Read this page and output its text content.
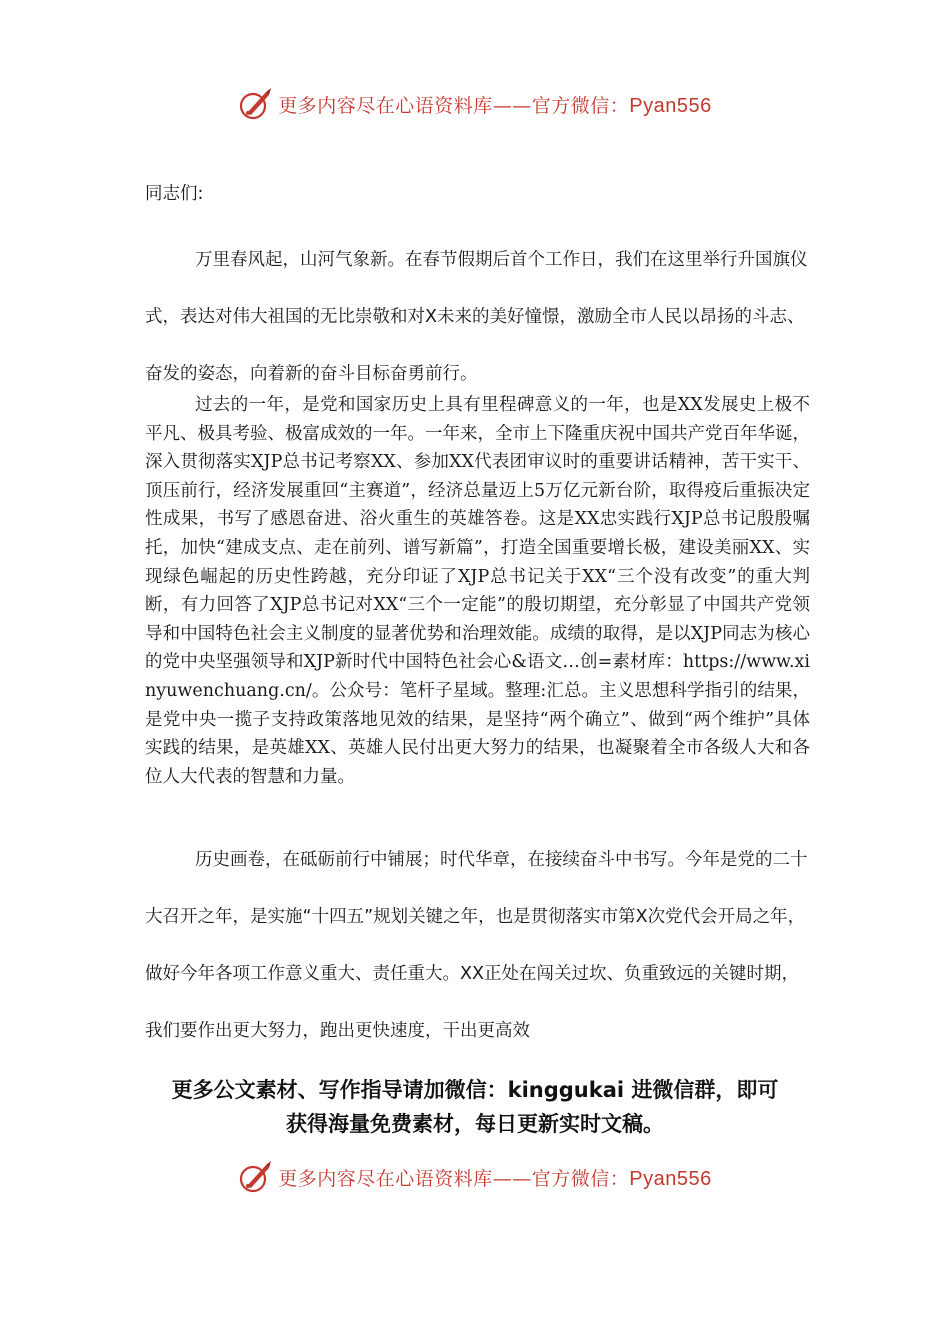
更多内容尽在心语资料库——官方微信：Pyan556

同志们:

万里春风起，山河气象新。在春节假期后首个工作日，我们在这里举行升国旗仪式，表达对伟大祖国的无比崇敬和对X未来的美好憧憬，激励全市人民以昂扬的斗志、奋发的姿态，向着新的奋斗目标奋勇前行。

过去的一年，是党和国家历史上具有里程碑意义的一年，也是XX发展史上极不平凡、极具考验、极富成效的一年。一年来，全市上下隆重庆祝中国共产党百年华诞，深入贯彻落实XJP总书记考察XX、参加XX代表团审议时的重要讲话精神，苦干实干、顶压前行，经济发展重回“主赛道”，经济总量迈上5万亿元新台阶，取得疫后重振决定性成果，书写了感恩奋进、浴火重生的英雄答卷。这是XX忠实践行XJP总书记殷殷嘱托，加快“建成支点、走在前列、谱写新篇”，打造全国重要增长极，建设美丽XX、实现绿色崛起的历史性跨越，充分印证了XJP总书记关于XX“三个没有改变”的重大判断，有力回答了XJP总书记对XX“三个一定能”的殷切期望，充分彰显了中国共产党领导和中国特色社会主义制度的显著优势和治理效能。成绩的取得，是以XJP同志为核心的党中央坚强领导和XJP新时代中国特色社会心&语文…创=素材库：https://www.xinyuwenchuang.cn/。公众号：笔杆子星域。整理:汇总。主义思想科学指引的结果，是党中央一揽子支持政策落地见效的结果，是坚持“两个确立”、做到“两个维护”具体实践的结果，是英雄XX、英雄人民付出更大努力的结果，也凝聚着全市各级人大和各位人大代表的智慧和力量。

历史画卷，在砥砺前行中铺展；时代华章，在接续奋斗中书写。今年是党的二十大召开之年，是实施“十四五”规划关键之年，也是贯彻落实市第X次党代会开局之年，做好今年各项工作意义重大、责任重大。XX正处在闯关过坎、负重致远的关键时期，我们要作出更大努力，跑出更快速度，干出更高效

更多公文素材、写作指导请加微信：kinggukai 进微信群，即可
获得海量免费素材，每日更新实时文稿。
更多内容尽在心语资料库——官方微信：Pyan556
